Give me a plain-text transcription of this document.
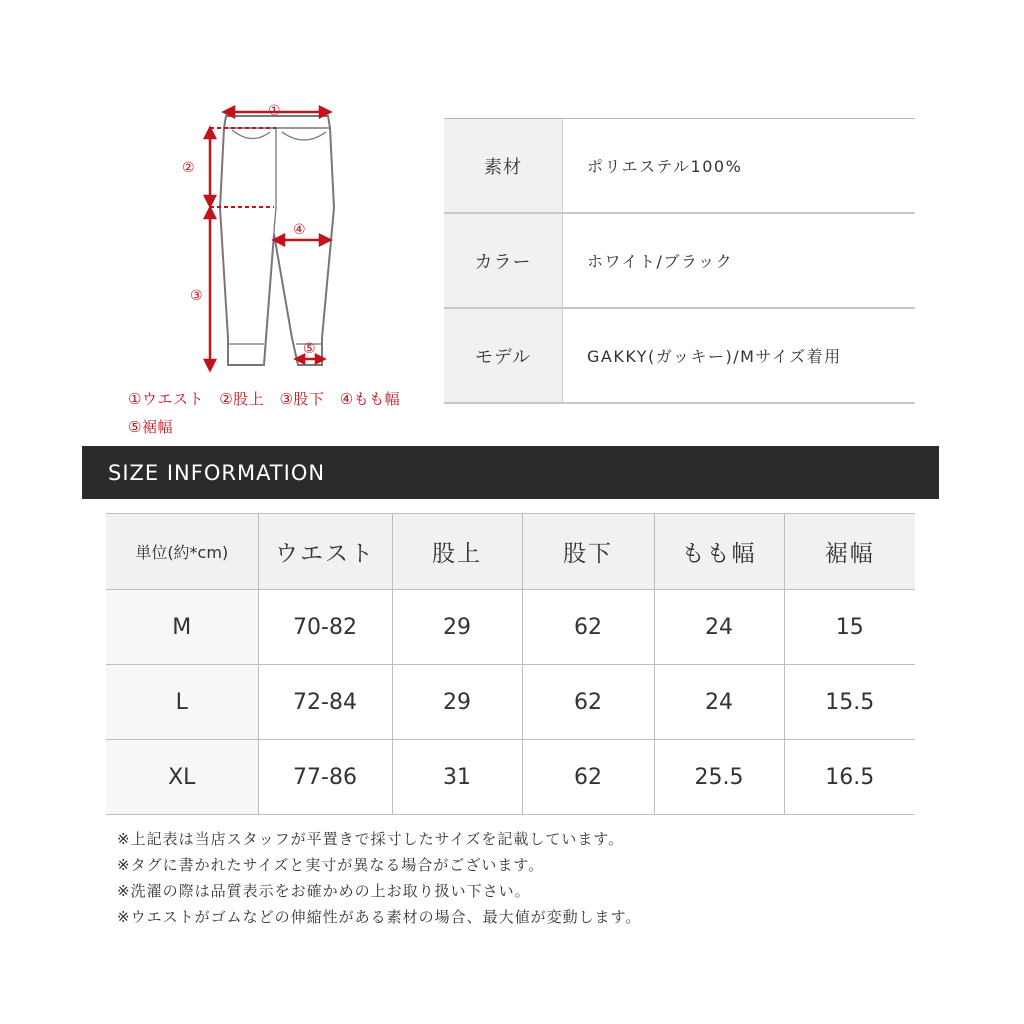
①
②
③
④
⑤
①ウエスト ②股上 ③股下 ④もも幅
⑤裾幅
素材	ポリエステル100%
カラー	ホワイト/ブラック
モデル	GAKKY(ガッキー)/Mサイズ着用
SIZE INFORMATION
単位(約*cm)	ウエスト	股上	股下	もも幅	裾幅
M	70-82	29	62	24	15
L	72-84	29	62	24	15.5
XL	77-86	31	62	25.5	16.5
※上記表は当店スタッフが平置きで採寸したサイズを記載しています。
※タグに書かれたサイズと実寸が異なる場合がございます。
※洗濯の際は品質表示をお確かめの上お取り扱い下さい。
※ウエストがゴムなどの伸縮性がある素材の場合、最大値が変動します。
